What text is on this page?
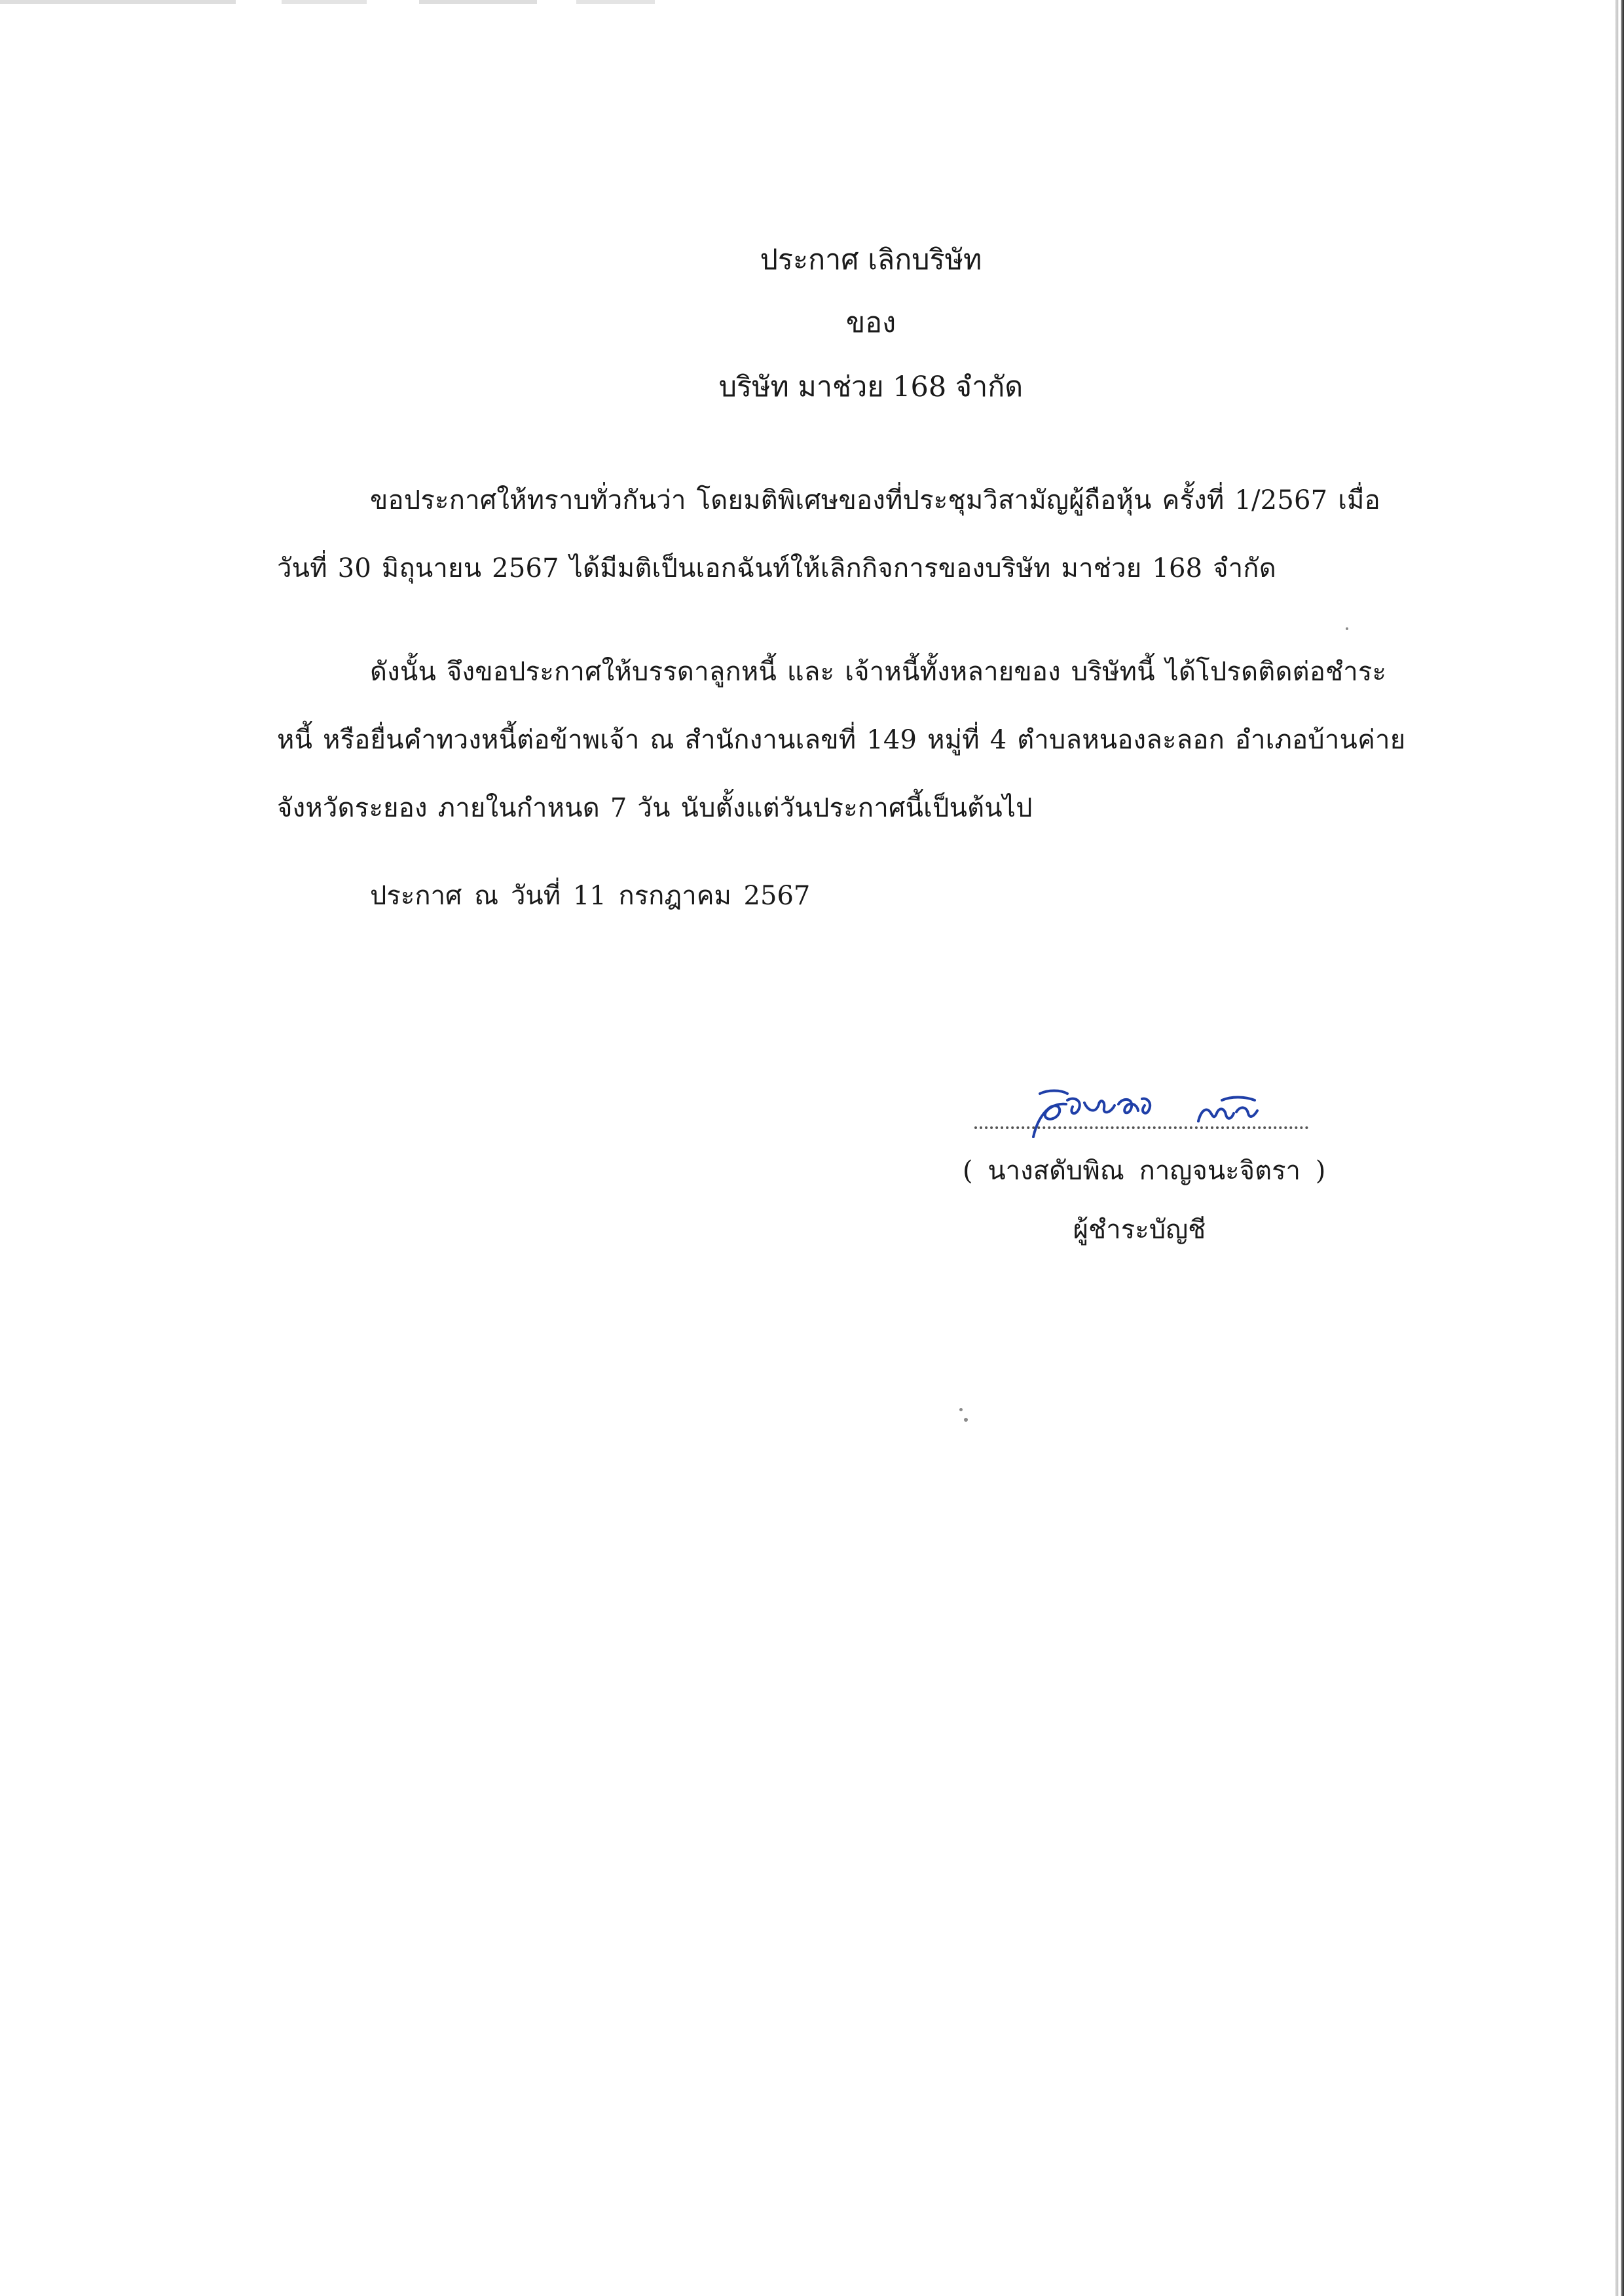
ประกาศ เลิกบริษัท
ของ
บริษัท มาช่วย 168 จำกัด
ขอประกาศให้ทราบทั่วกันว่า โดยมติพิเศษของที่ประชุมวิสามัญผู้ถือหุ้น ครั้งที่ 1/2567 เมื่อ
วันที่ 30 มิถุนายน 2567 ได้มีมติเป็นเอกฉันท์ให้เลิกกิจการของบริษัท มาช่วย 168 จำกัด
ดังนั้น จึงขอประกาศให้บรรดาลูกหนี้ และ เจ้าหนี้ทั้งหลายของ บริษัทนี้ ได้โปรดติดต่อชำระ
หนี้ หรือยื่นคำทวงหนี้ต่อข้าพเจ้า ณ สำนักงานเลขที่ 149 หมู่ที่ 4 ตำบลหนองละลอก อำเภอบ้านค่าย
จังหวัดระยอง ภายในกำหนด 7 วัน นับตั้งแต่วันประกาศนี้เป็นต้นไป
ประกาศ ณ วันที่ 11 กรกฎาคม 2567
( นางสดับพิณ กาญจนะจิตรา )
ผู้ชำระบัญชี
